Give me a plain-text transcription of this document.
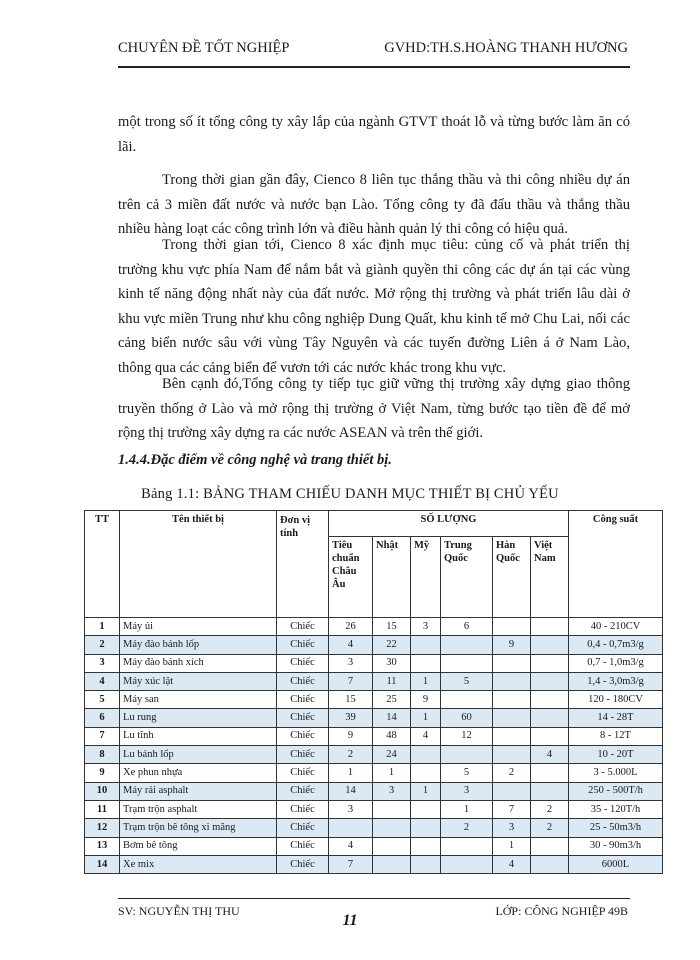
CHUYÊN ĐỀ TỐT NGHIỆP	GVHD:TH.S.HOÀNG THANH HƯƠNG

một trong số ít tổng công ty xây lắp của ngành GTVT thoát lỗ và từng bước làm ăn có lãi.

Trong thời gian gần đây, Cienco 8 liên tục thắng thầu và thi công nhiều dự án trên cả 3 miền đất nước và nước bạn Lào. Tổng công ty đã đấu thầu và thắng thầu nhiều hàng loạt các công trình lớn và điều hành quản lý thi công có hiệu quả.

Trong thời gian tới, Cienco 8 xác định mục tiêu: củng cố và phát triển thị trường khu vực phía Nam để nắm bắt và giành quyền thi công các dự án tại các vùng kinh tế năng động nhất này của đất nước. Mở rộng thị trường và phát triển lâu dài ở khu vực miền Trung như khu công nghiệp Dung Quất, khu kinh tế mở Chu Lai, nối các cảng biển nước sâu với vùng Tây Nguyên và các tuyến đường Liên á ở Nam Lào, thông qua các cảng biển để vươn tới các nước khác trong khu vực.

Bên cạnh đó,Tổng công ty tiếp tục giữ vững thị trường xây dựng giao thông truyền thống ở Lào và mở rộng thị trường ở Việt Nam, từng bước tạo tiền đề để mở rộng thị trường xây dựng ra các nước ASEAN và trên thế giới.

1.4.4.Đặc điểm về công nghệ và trang thiết bị.

Bảng 1.1: BẢNG THAM CHIẾU DANH MỤC THIẾT BỊ CHỦ YẾU
TT	Tên thiết bị	Đơn vị tính	SỐ LƯỢNG						Công suất
			Tiêu chuẩn Châu Âu	Nhật	Mỹ	Trung Quốc	Hàn Quốc	Việt Nam	
1	Máy ủi	Chiếc	26	15	3	6			40 - 210CV
2	Máy đào bánh lốp	Chiếc	4	22			9		0,4 - 0,7m3/g
3	Máy đào bánh xích	Chiếc	3	30					0,7 - 1,0m3/g
4	Máy xúc lật	Chiếc	7	11	1	5			1,4 - 3,0m3/g
5	Máy san	Chiếc	15	25	9				120 - 180CV
6	Lu rung	Chiếc	39	14	1	60			14 - 28T
7	Lu tĩnh	Chiếc	9	48	4	12			8 - 12T
8	Lu bánh lốp	Chiếc	2	24				4	10 - 20T
9	Xe phun nhựa	Chiếc	1	1		5	2		3 - 5.000L
10	Máy rải asphalt	Chiếc	14	3	1	3			250 - 500T/h
11	Trạm trộn asphalt	Chiếc	3			1	7	2	35 - 120T/h
12	Trạm trộn bê tông xi măng	Chiếc				2	3	2	25 - 50m3/h
13	Bơm bê tông	Chiếc	4				1		30 - 90m3/h
14	Xe mix	Chiếc	7				4		6000L
SV: NGUYỄN THỊ THU	LỚP: CÔNG NGHIỆP 49B
11
